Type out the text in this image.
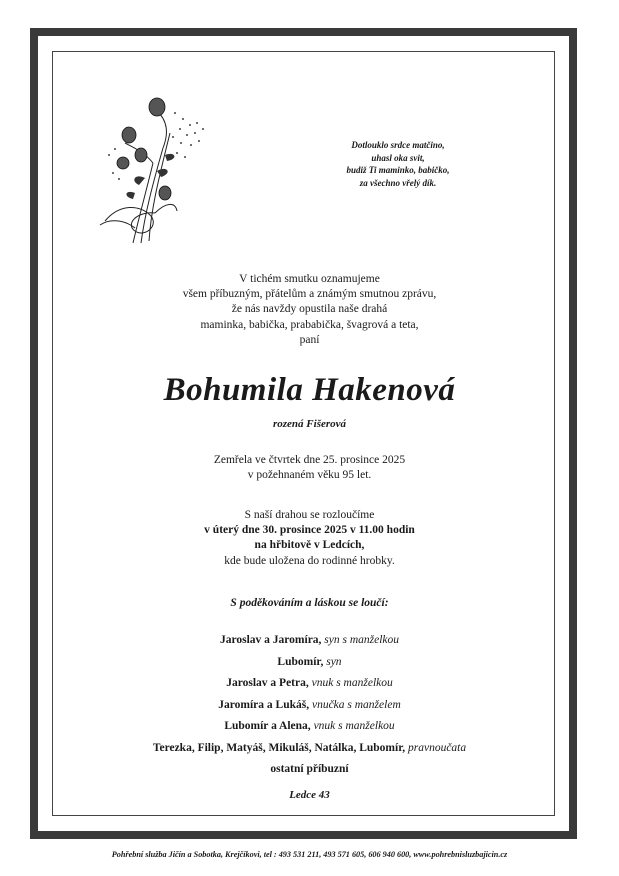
Dotlouklo srdce matčino,
uhasl oka svit,
budiž Ti maminko, babičko,
za všechno vřelý dík.
V tichém smutku oznamujeme
všem příbuzným, přátelům a známým smutnou zprávu,
že nás navždy opustila naše drahá
maminka, babička, prababička, švagrová a teta,
paní
Bohumila Hakenová
rozená Fišerová
Zemřela ve čtvrtek dne 25. prosince 2025
v požehnaném věku 95 let.
S naší drahou se rozloučíme
v úterý dne 30. prosince 2025 v 11.00 hodin
na hřbitově v Ledcích,
kde bude uložena do rodinné hrobky.
S poděkováním a láskou se loučí:
Jaroslav a Jaromíra, syn s manželkou
Lubomír, syn
Jaroslav a Petra, vnuk s manželkou
Jaromíra a Lukáš, vnučka s manželem
Lubomír a Alena, vnuk s manželkou
Terezka, Filip, Matyáš, Mikuláš, Natálka, Lubomír, pravnoučata
ostatní příbuzní
Ledce 43
Pohřební služba Jičín a Sobotka, Krejčíkovi, tel : 493 531 211, 493 571 605, 606 940 600, www.pohrebnisluzbajicin.cz
